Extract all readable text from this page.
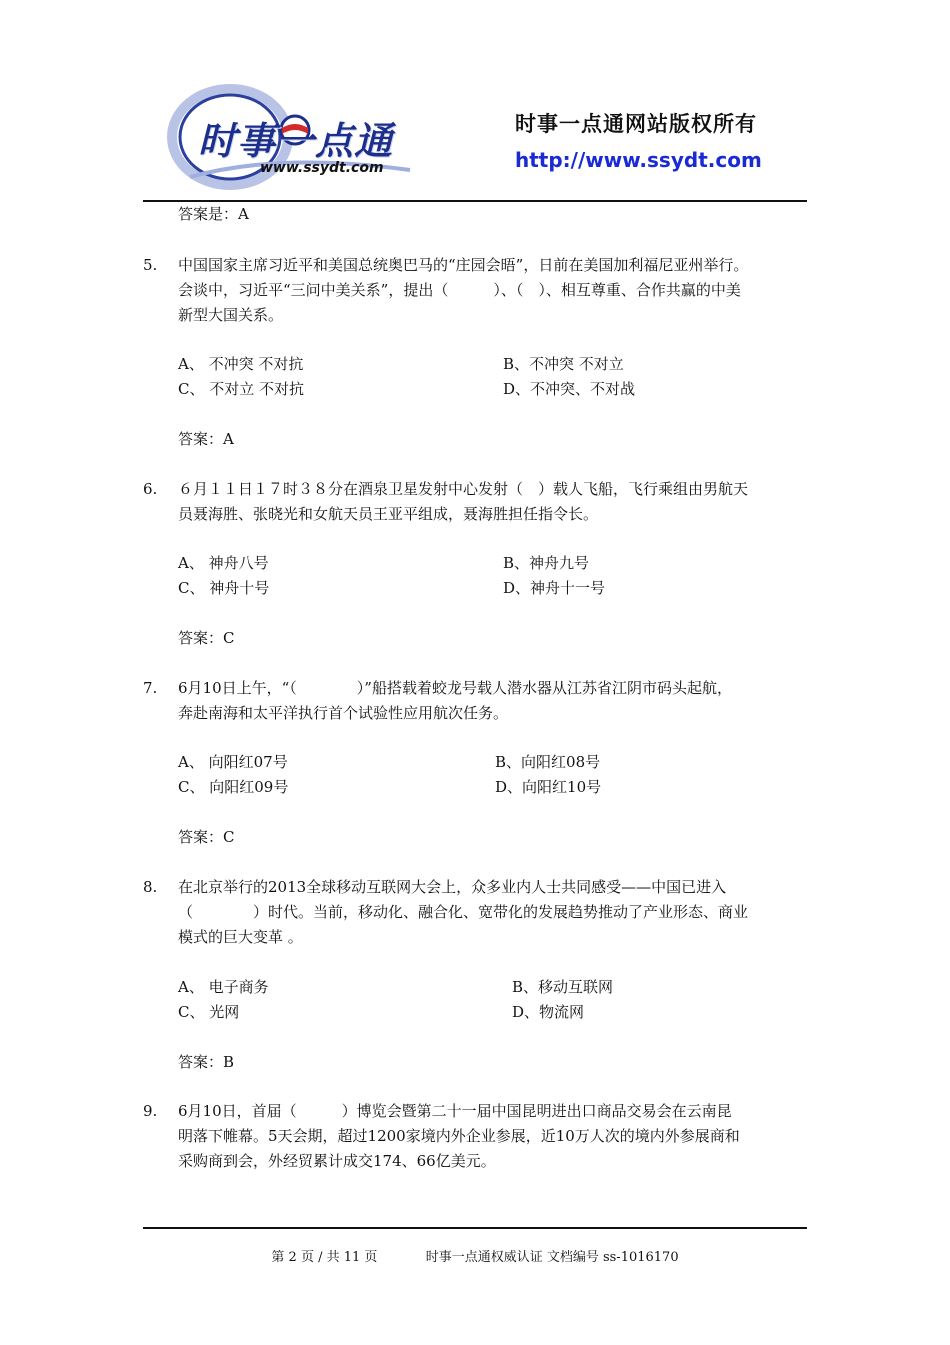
时事一点通
www.ssydt.com
时事一点通网站版权所有
http://www.ssydt.com
答案是：A
5. 中国国家主席习近平和美国总统奥巴马的“庄园会晤”，日前在美国加利福尼亚州举行。
会谈中，习近平“三问中美关系”，提出（　　　）、（　）、相互尊重、合作共赢的中美
新型大国关系。
A、 不冲突 不对抗	B、不冲突 不对立
C、 不对立 不对抗	D、不冲突、不对战
答案：A
6. ６月１１日１７时３８分在酒泉卫星发射中心发射（　）载人飞船，飞行乘组由男航天
员聂海胜、张晓光和女航天员王亚平组成，聂海胜担任指令长。
A、 神舟八号	B、神舟九号
C、 神舟十号	D、神舟十一号
答案：C
7. 6月10日上午，“（　　　　）”船搭载着蛟龙号载人潜水器从江苏省江阴市码头起航，
奔赴南海和太平洋执行首个试验性应用航次任务。
A、 向阳红07号	B、向阳红08号
C、 向阳红09号	D、向阳红10号
答案：C
8. 在北京举行的2013全球移动互联网大会上，众多业内人士共同感受——中国已进入
（　　　　）时代。当前，移动化、融合化、宽带化的发展趋势推动了产业形态、商业
模式的巨大变革 。
A、 电子商务	B、移动互联网
C、 光网	D、物流网
答案：B
9. 6月10日，首届（　　　）博览会暨第二十一届中国昆明进出口商品交易会在云南昆
明落下帷幕。5天会期，超过1200家境内外企业参展，近10万人次的境内外参展商和
采购商到会，外经贸累计成交174、66亿美元。
第 2 页 / 共 11 页	时事一点通权威认证 文档编号 ss-1016170
